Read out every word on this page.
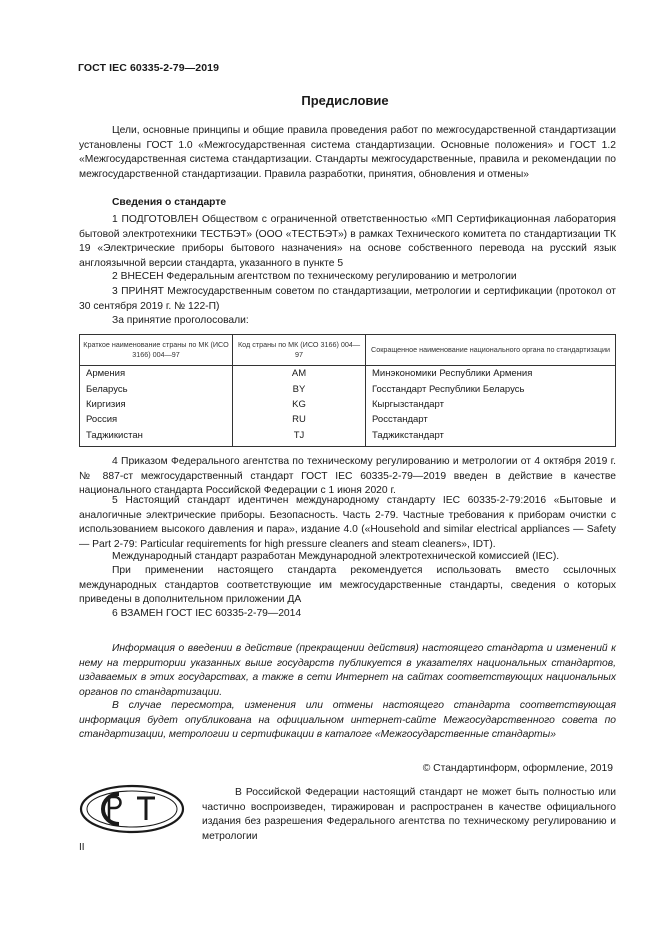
ГОСТ IEC 60335-2-79—2019
Предисловие
Цели, основные принципы и общие правила проведения работ по межгосударственной стандартизации установлены ГОСТ 1.0 «Межгосударственная система стандартизации. Основные положения» и ГОСТ 1.2 «Межгосударственная система стандартизации. Стандарты межгосударственные, правила и рекомендации по межгосударственной стандартизации. Правила разработки, принятия, обновления и отмены»
Сведения о стандарте
1 ПОДГОТОВЛЕН Обществом с ограниченной ответственностью «МП Сертификационная лаборатория бытовой электротехники ТЕСТБЭТ» (ООО «ТЕСТБЭТ») в рамках Технического комитета по стандартизации ТК 19 «Электрические приборы бытового назначения» на основе собственного перевода на русский язык англоязычной версии стандарта, указанного в пункте 5
2 ВНЕСЕН Федеральным агентством по техническому регулированию и метрологии
3 ПРИНЯТ Межгосударственным советом по стандартизации, метрологии и сертификации (протокол от 30 сентября 2019 г. № 122-П)
За принятие проголосовали:
Краткое наименование страны по МК (ИСО 3166) 004—97	Код страны по МК (ИСО 3166) 004—97	Сокращенное наименование национального органа по стандартизации
Армения	AM	Минэкономики Республики Армения
Беларусь	BY	Госстандарт Республики Беларусь
Киргизия	KG	Кыргызстандарт
Россия	RU	Росстандарт
Таджикистан	TJ	Таджикстандарт
4 Приказом Федерального агентства по техническому регулированию и метрологии от 4 октября 2019 г. № 887-ст межгосударственный стандарт ГОСТ IEC 60335-2-79—2019 введен в действие в качестве национального стандарта Российской Федерации с 1 июня 2020 г.
5 Настоящий стандарт идентичен международному стандарту IEC 60335-2-79:2016 «Бытовые и аналогичные электрические приборы. Безопасность. Часть 2-79. Частные требования к приборам очистки с использованием высокого давления и пара», издание 4.0 («Household and similar electrical appliances — Safety — Part 2-79: Particular requirements for high pressure cleaners and steam cleaners», IDT).
Международный стандарт разработан Международной электротехнической комиссией (IEC).
При применении настоящего стандарта рекомендуется использовать вместо ссылочных международных стандартов соответствующие им межгосударственные стандарты, сведения о которых приведены в дополнительном приложении ДА
6 ВЗАМЕН ГОСТ IEC 60335-2-79—2014
Информация о введении в действие (прекращении действия) настоящего стандарта и изменений к нему на территории указанных выше государств публикуется в указателях национальных стандартов, издаваемых в этих государствах, а также в сети Интернет на сайтах соответствующих национальных органов по стандартизации.
В случае пересмотра, изменения или отмены настоящего стандарта соответствующая информация будет опубликована на официальном интернет-сайте Межгосударственного совета по стандартизации, метрологии и сертификации в каталоге «Межгосударственные стандарты»
© Стандартинформ, оформление, 2019
В Российской Федерации настоящий стандарт не может быть полностью или частично воспроизведен, тиражирован и распространен в качестве официального издания без разрешения Федерального агентства по техническому регулированию и метрологии
II
